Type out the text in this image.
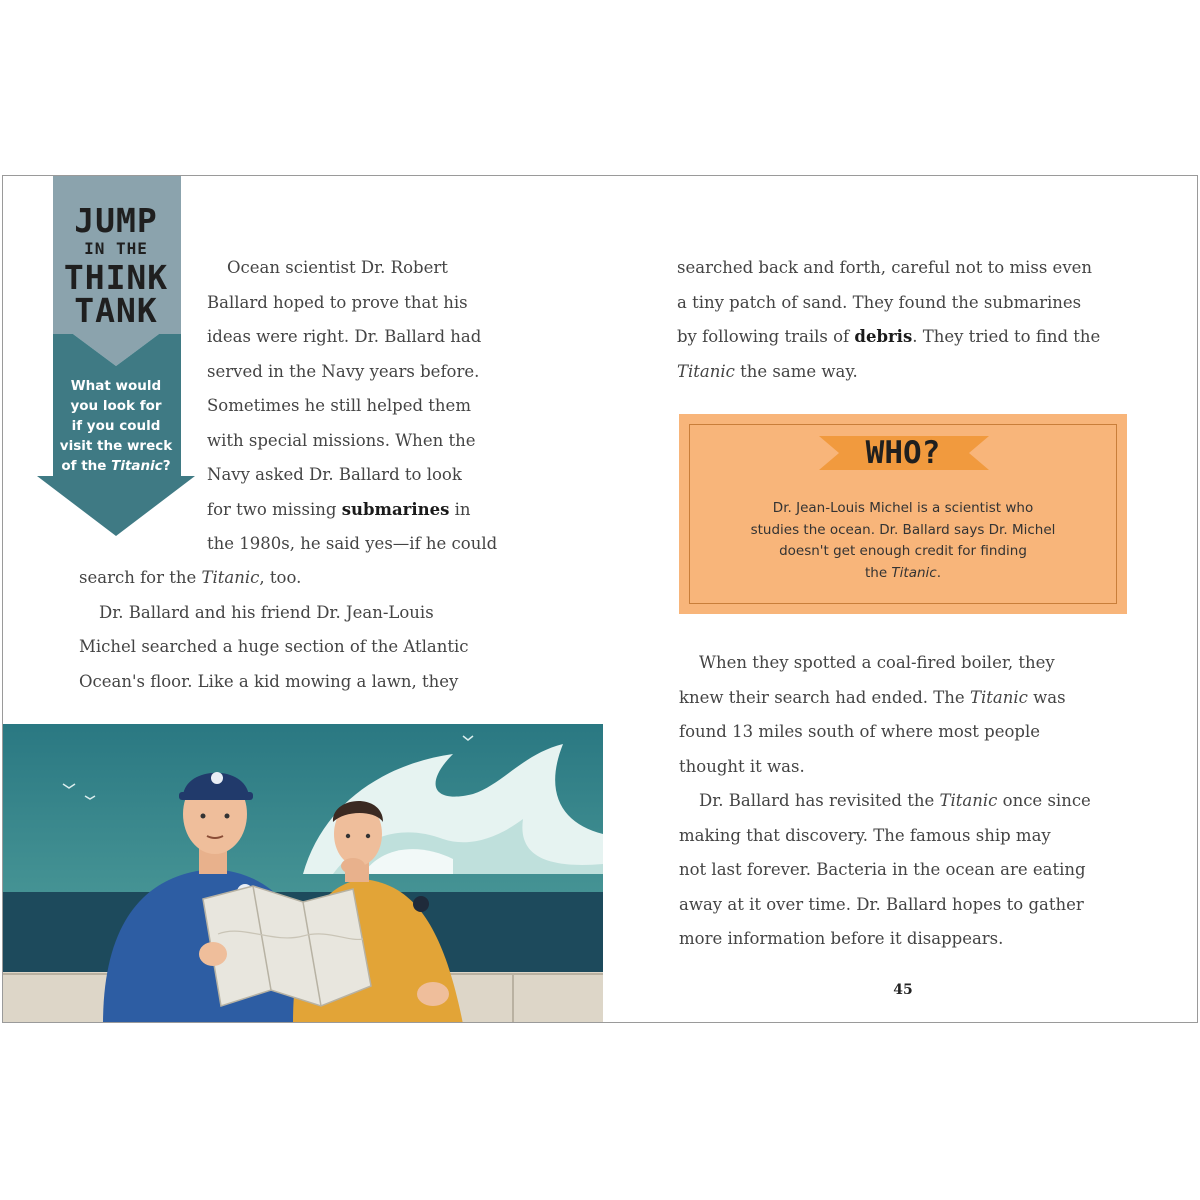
JUMP
IN THE
THINK
TANK
What would
you look for
if you could
visit the wreck
of the Titanic?
Ocean scientist Dr. Robert
Ballard hoped to prove that his
ideas were right. Dr. Ballard had
served in the Navy years before.
Sometimes he still helped them
with special missions. When the
Navy asked Dr. Ballard to look
for two missing submarines in
the 1980s, he said yes—if he could
search for the Titanic, too.
Dr. Ballard and his friend Dr. Jean-Louis
Michel searched a huge section of the Atlantic
Ocean's floor. Like a kid mowing a lawn, they
searched back and forth, careful not to miss even
a tiny patch of sand. They found the submarines
by following trails of debris. They tried to find the
Titanic the same way.
WHO?
Dr. Jean-Louis Michel is a scientist who
studies the ocean. Dr. Ballard says Dr. Michel
doesn't get enough credit for finding
the Titanic.
When they spotted a coal-fired boiler, they
knew their search had ended. The Titanic was
found 13 miles south of where most people
thought it was.
Dr. Ballard has revisited the Titanic once since
making that discovery. The famous ship may
not last forever. Bacteria in the ocean are eating
away at it over time. Dr. Ballard hopes to gather
more information before it disappears.
45
